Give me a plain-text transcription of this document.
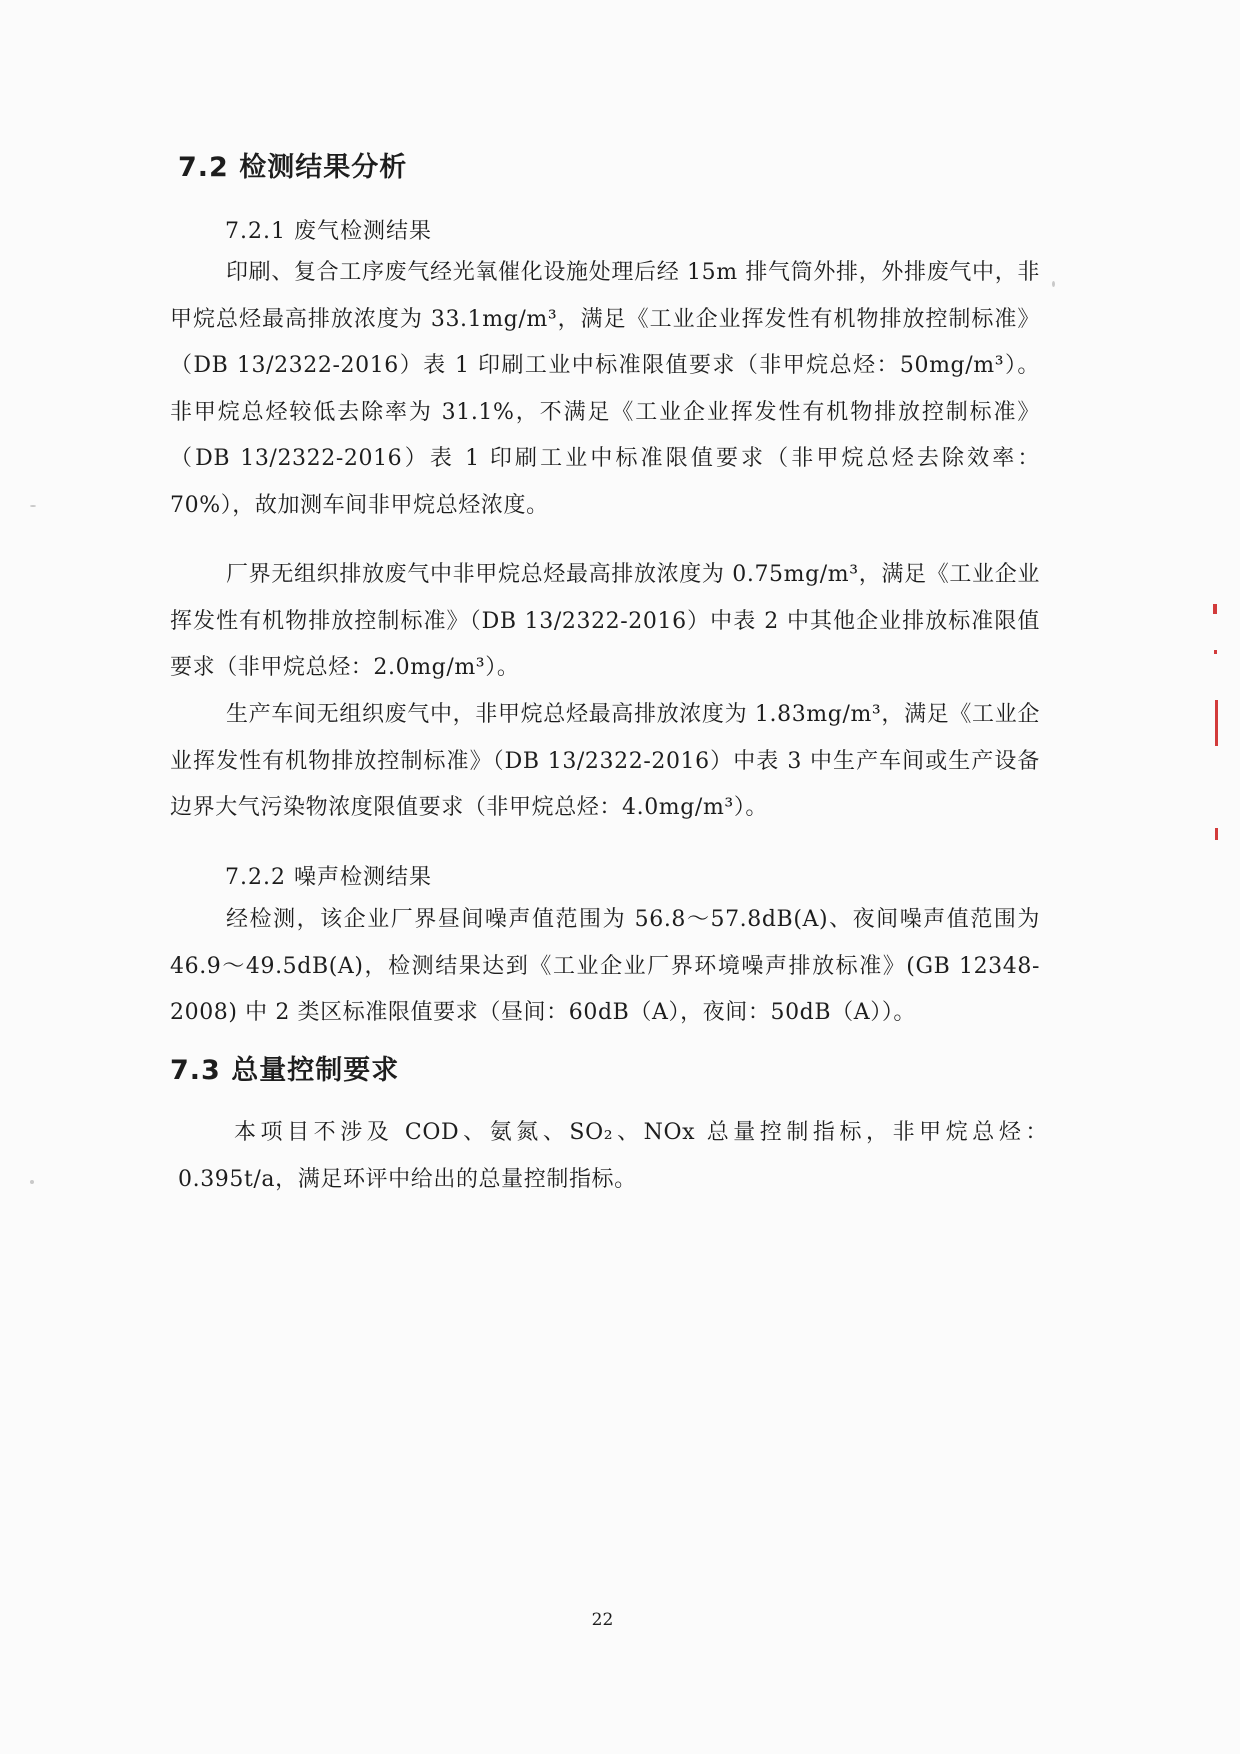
7.2 检测结果分析
7.2.1 废气检测结果

印刷、复合工序废气经光氧催化设施处理后经 15m 排气筒外排，外排废气中，非甲烷总烃最高排放浓度为 33.1mg/m³，满足《工业企业挥发性有机物排放控制标准》（DB 13/2322-2016）表 1 印刷工业中标准限值要求（非甲烷总烃：50mg/m³）。非甲烷总烃较低去除率为 31.1%，不满足《工业企业挥发性有机物排放控制标准》（DB 13/2322-2016）表 1 印刷工业中标准限值要求（非甲烷总烃去除效率：70%），故加测车间非甲烷总烃浓度。

厂界无组织排放废气中非甲烷总烃最高排放浓度为 0.75mg/m³，满足《工业企业挥发性有机物排放控制标准》（DB 13/2322-2016）中表 2 中其他企业排放标准限值要求（非甲烷总烃：2.0mg/m³）。

生产车间无组织废气中，非甲烷总烃最高排放浓度为 1.83mg/m³，满足《工业企业挥发性有机物排放控制标准》（DB 13/2322-2016）中表 3 中生产车间或生产设备边界大气污染物浓度限值要求（非甲烷总烃：4.0mg/m³）。

7.2.2 噪声检测结果

经检测，该企业厂界昼间噪声值范围为 56.8～57.8dB(A)、夜间噪声值范围为 46.9～49.5dB(A)，检测结果达到《工业企业厂界环境噪声排放标准》(GB 12348-2008) 中 2 类区标准限值要求（昼间：60dB（A），夜间：50dB（A））。

7.3 总量控制要求

本项目不涉及 COD、氨氮、SO₂、NOx 总量控制指标，非甲烷总烃：0.395t/a，满足环评中给出的总量控制指标。

22
